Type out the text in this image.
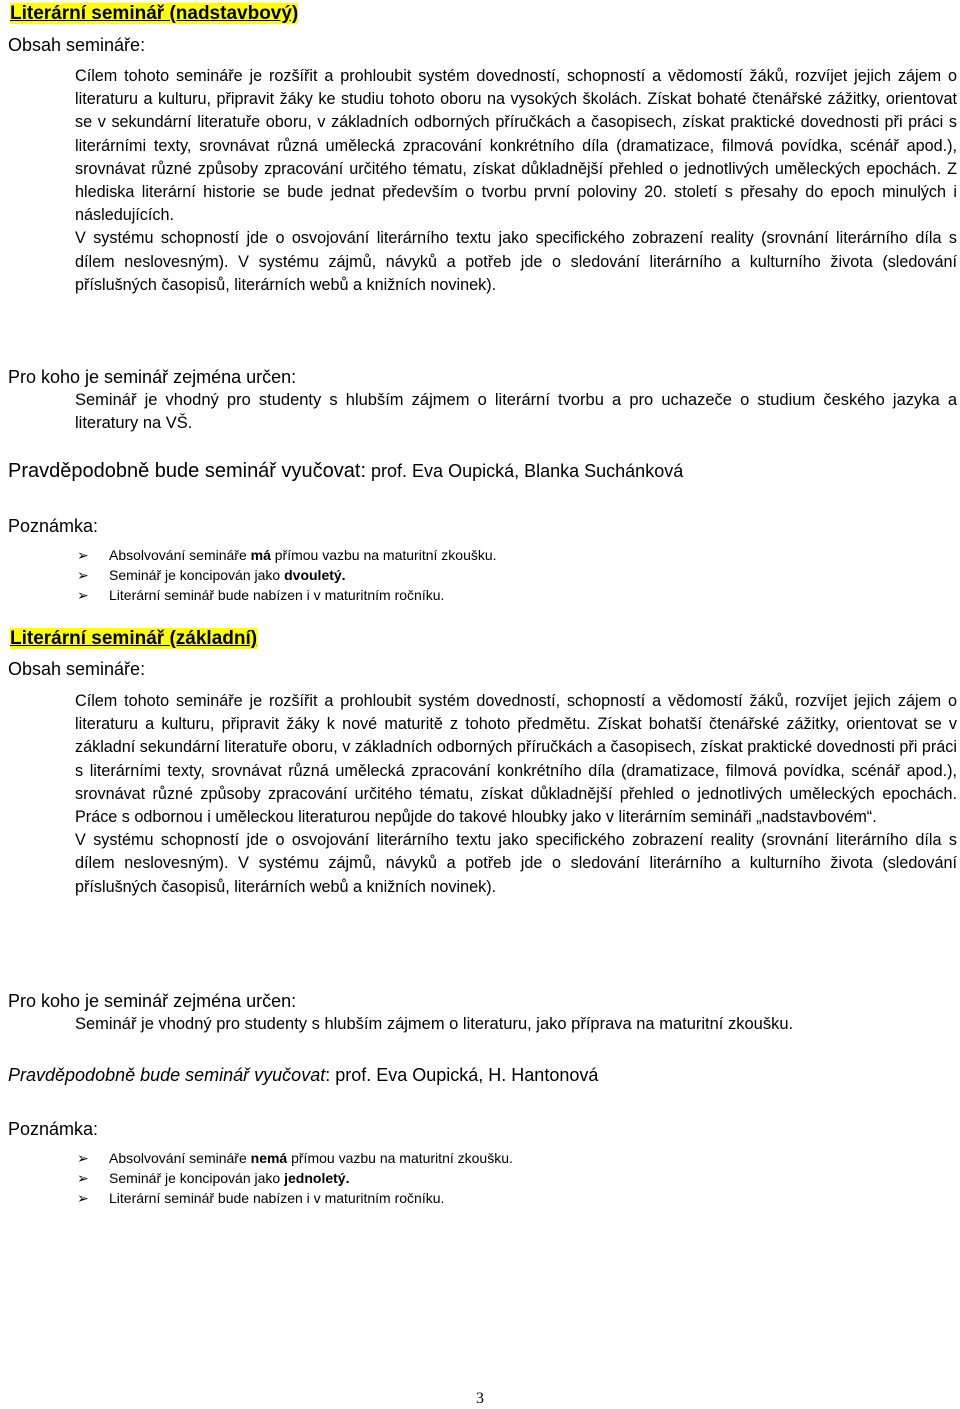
Literární seminář (nadstavbový)
Obsah semináře:

Cílem tohoto semináře je rozšířit a prohloubit systém dovedností, schopností a vědomostí žáků, rozvíjet jejich zájem o literaturu a kulturu, připravit žáky ke studiu tohoto oboru na vysokých školách. Získat bohaté čtenářské zážitky, orientovat se v sekundární literatuře oboru, v základních odborných příručkách a časopisech, získat praktické dovednosti při práci s literárními texty, srovnávat různá umělecká zpracování konkrétního díla (dramatizace, filmová povídka, scénář apod.), srovnávat různé způsoby zpracování určitého tématu, získat důkladnější přehled o jednotlivých uměleckých epochách. Z hlediska literární historie se bude jednat především o tvorbu první poloviny 20. století s přesahy do epoch minulých i následujících.

V systému schopností jde o osvojování literárního textu jako specifického zobrazení reality (srovnání literárního díla s dílem neslovesným). V systému zájmů, návyků a potřeb jde o sledování literárního a kulturního života (sledování příslušných časopisů, literárních webů a knižních novinek).

Pro koho je seminář zejména určen:
Seminář je vhodný pro studenty s hlubším zájmem o literární tvorbu a pro uchazeče o studium českého jazyka a literatury na VŠ.
Pravděpodobně bude seminář vyučovat: prof. Eva Oupická, Blanka Suchánková
Poznámka:
➢ Absolvování semináře má přímou vazbu na maturitní zkoušku.
➢ Seminář je koncipován jako dvouletý.
➢ Literární seminář bude nabízen i v maturitním ročníku.
Literární seminář (základní)
Obsah semináře:

Cílem tohoto semináře je rozšířit a prohloubit systém dovedností, schopností a vědomostí žáků, rozvíjet jejich zájem o literaturu a kulturu, připravit žáky k nové maturitě z tohoto předmětu. Získat bohatší čtenářské zážitky, orientovat se v základní sekundární literatuře oboru, v základních odborných příručkách a časopisech, získat praktické dovednosti při práci s literárními texty, srovnávat různá umělecká zpracování konkrétního díla (dramatizace, filmová povídka, scénář apod.), srovnávat různé způsoby zpracování určitého tématu, získat důkladnější přehled o jednotlivých uměleckých epochách. Práce s odbornou i uměleckou literaturou nepůjde do takové hloubky jako v literárním semináři „nadstavbovém“.

V systému schopností jde o osvojování literárního textu jako specifického zobrazení reality (srovnání literárního díla s dílem neslovesným). V systému zájmů, návyků a potřeb jde o sledování literárního a kulturního života (sledování příslušných časopisů, literárních webů a knižních novinek).

Pro koho je seminář zejména určen:
Seminář je vhodný pro studenty s hlubším zájmem o literaturu, jako příprava na maturitní zkoušku.
Pravděpodobně bude seminář vyučovat: prof. Eva Oupická, H. Hantonová
Poznámka:
➢ Absolvování semináře nemá přímou vazbu na maturitní zkoušku.
➢ Seminář je koncipován jako jednoletý.
➢ Literární seminář bude nabízen i v maturitním ročníku.
3
